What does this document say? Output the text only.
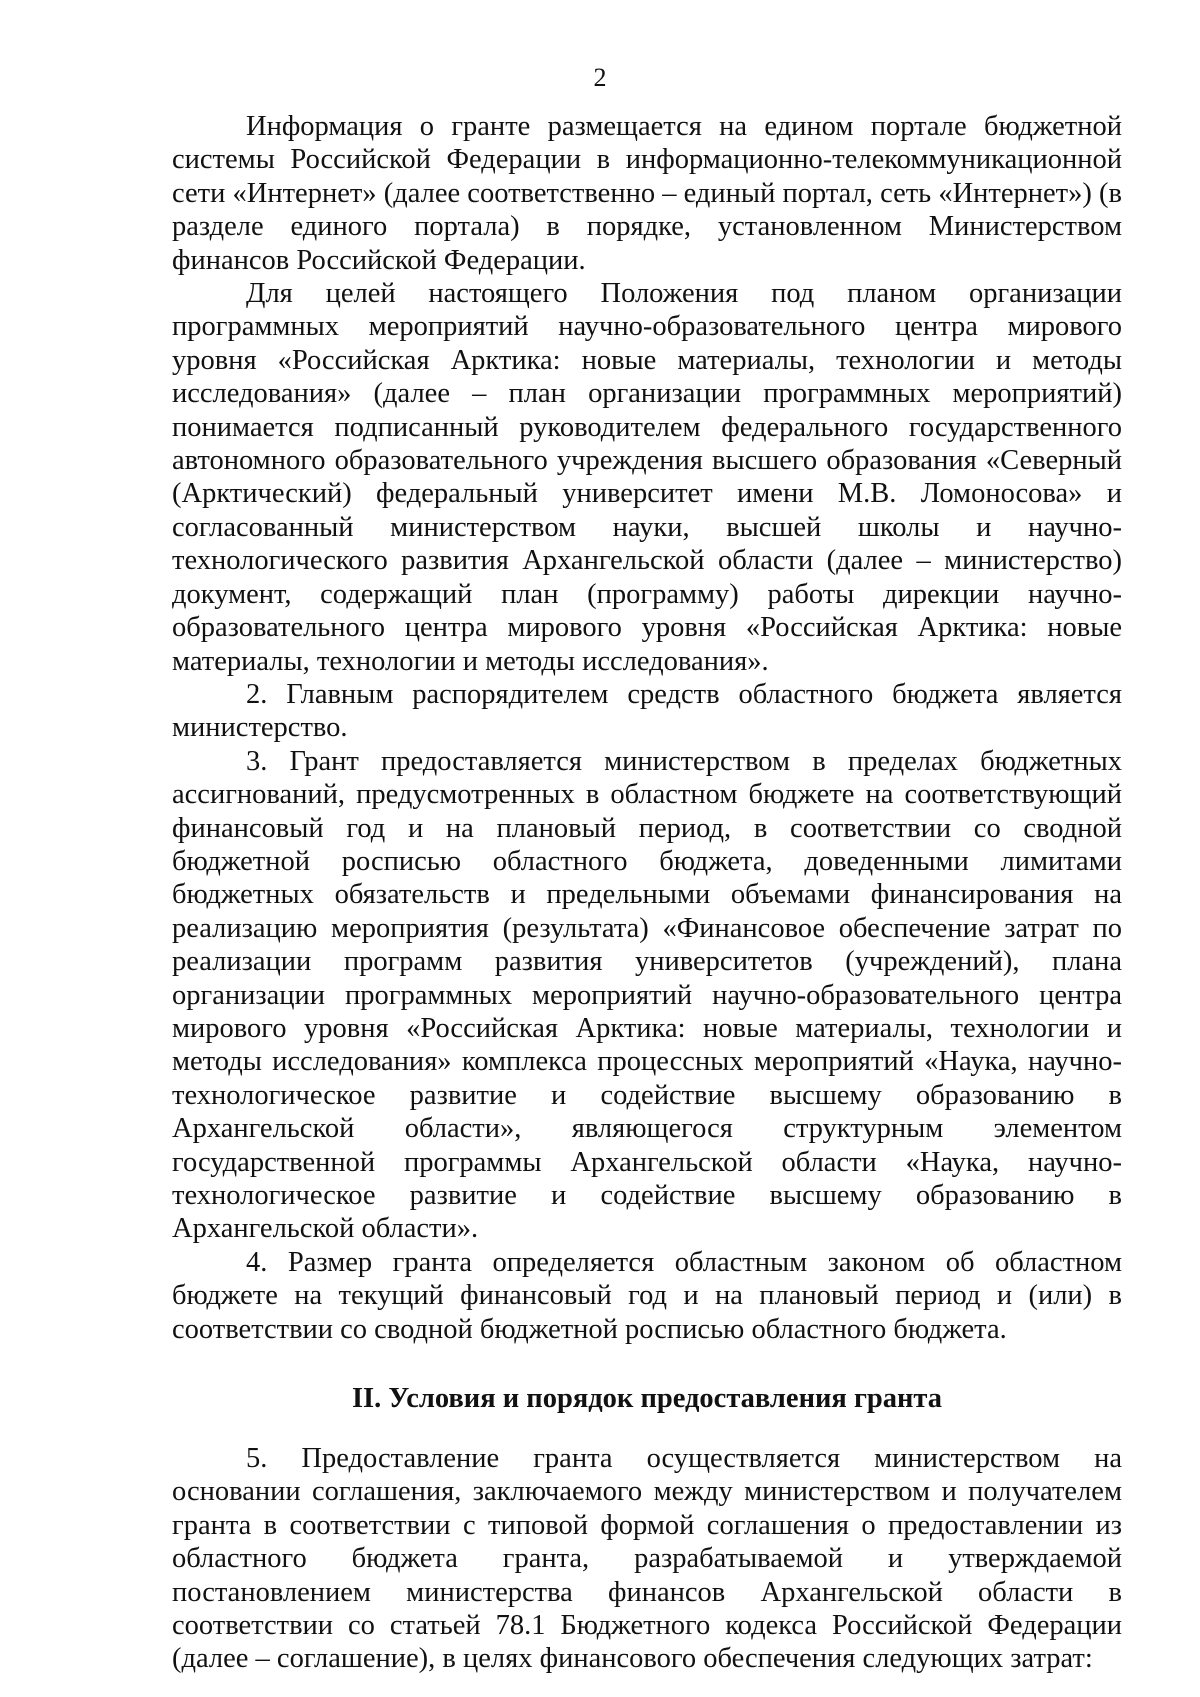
2

Информация о гранте размещается на едином портале бюджетной системы Российской Федерации в информационно-телекоммуникационной сети «Интернет» (далее соответственно – единый портал, сеть «Интернет») (в разделе единого портала) в порядке, установленном Министерством финансов Российской Федерации.

Для целей настоящего Положения под планом организации программных мероприятий научно-образовательного центра мирового уровня «Российская Арктика: новые материалы, технологии и методы исследования» (далее – план организации программных мероприятий) понимается подписанный руководителем федерального государственного автономного образовательного учреждения высшего образования «Северный (Арктический) федеральный университет имени М.В. Ломоносова» и согласованный министерством науки, высшей школы и научно-технологического развития Архангельской области (далее – министерство) документ, содержащий план (программу) работы дирекции научно-образовательного центра мирового уровня «Российская Арктика: новые материалы, технологии и методы исследования».

2. Главным распорядителем средств областного бюджета является министерство.

3. Грант предоставляется министерством в пределах бюджетных ассигнований, предусмотренных в областном бюджете на соответствующий финансовый год и на плановый период, в соответствии со сводной бюджетной росписью областного бюджета, доведенными лимитами бюджетных обязательств и предельными объемами финансирования на реализацию мероприятия (результата) «Финансовое обеспечение затрат по реализации программ развития университетов (учреждений), плана организации программных мероприятий научно-образовательного центра мирового уровня «Российская Арктика: новые материалы, технологии и методы исследования» комплекса процессных мероприятий «Наука, научно-технологическое развитие и содействие высшему образованию в Архангельской области», являющегося структурным элементом государственной программы Архангельской области «Наука, научно-технологическое развитие и содействие высшему образованию в Архангельской области».

4. Размер гранта определяется областным законом об областном бюджете на текущий финансовый год и на плановый период и (или) в соответствии со сводной бюджетной росписью областного бюджета.

II. Условия и порядок предоставления гранта

5. Предоставление гранта осуществляется министерством на основании соглашения, заключаемого между министерством и получателем гранта в соответствии с типовой формой соглашения о предоставлении из областного бюджета гранта, разрабатываемой и утверждаемой постановлением министерства финансов Архангельской области в соответствии со статьей 78.1 Бюджетного кодекса Российской Федерации (далее – соглашение), в целях финансового обеспечения следующих затрат:
